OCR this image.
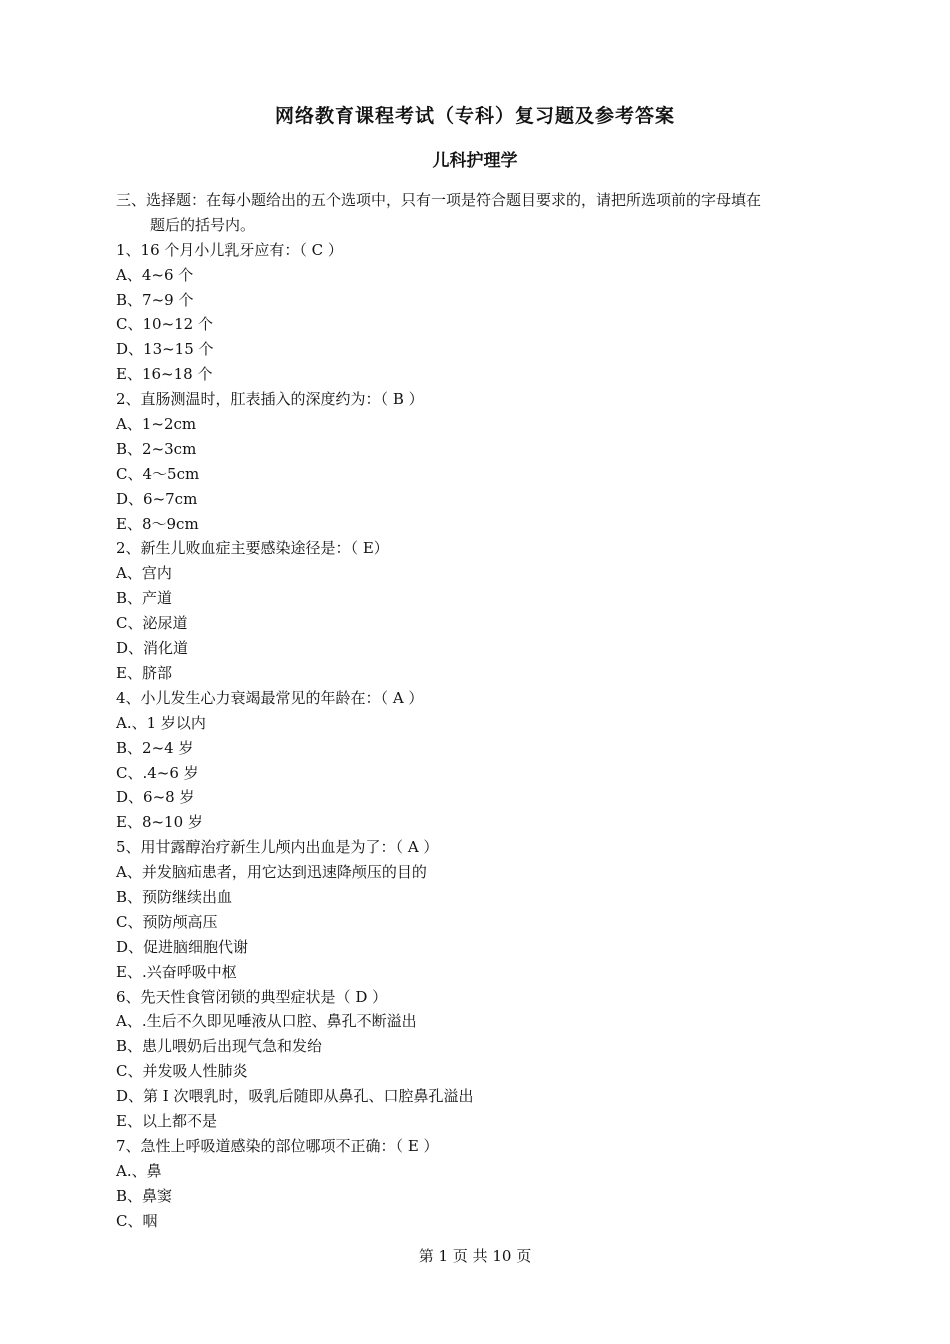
网络教育课程考试（专科）复习题及参考答案
儿科护理学
三、 选择题：在每小题给出的五个选项中，只有一项是符合题目要求的，请把所选项前的字母填在
题后的括号内。
1、16 个月小儿乳牙应有：（ C ）
A、4~6 个
B、7~9 个
C、10~12 个
D、13~15 个
E、16~18 个
2、直肠测温时，肛表插入的深度约为：（ B ）
A、1~2cm
B、2~3cm
C、4～5cm
D、6~7cm
E、8～9cm
2、新生儿败血症主要感染途径是：（ E）
A、宫内
B、产道
C、泌尿道
D、消化道
E、脐部
4、小儿发生心力衰竭最常见的年龄在：（ A ）
A.、1 岁以内
B、2~4 岁
C、.4~6 岁
D、6~8 岁
E、8~10 岁
5、用甘露醇治疗新生儿颅内出血是为了：（ A ）
A、并发脑疝患者，用它达到迅速降颅压的目的
B、预防继续出血
C、预防颅高压
D、促进脑细胞代谢
E、.兴奋呼吸中枢
6、先天性食管闭锁的典型症状是（ D ）
A、.生后不久即见唾液从口腔、鼻孔不断溢出
B、患儿喂奶后出现气急和发绐
C、并发吸人性肺炎
D、第 I 次喂乳时，吸乳后随即从鼻孔、口腔鼻孔溢出
E、以上都不是
7、急性上呼吸道感染的部位哪项不正确：（ E ）
A.、鼻
B、鼻窦
C、咽
第 1 页 共 10 页
